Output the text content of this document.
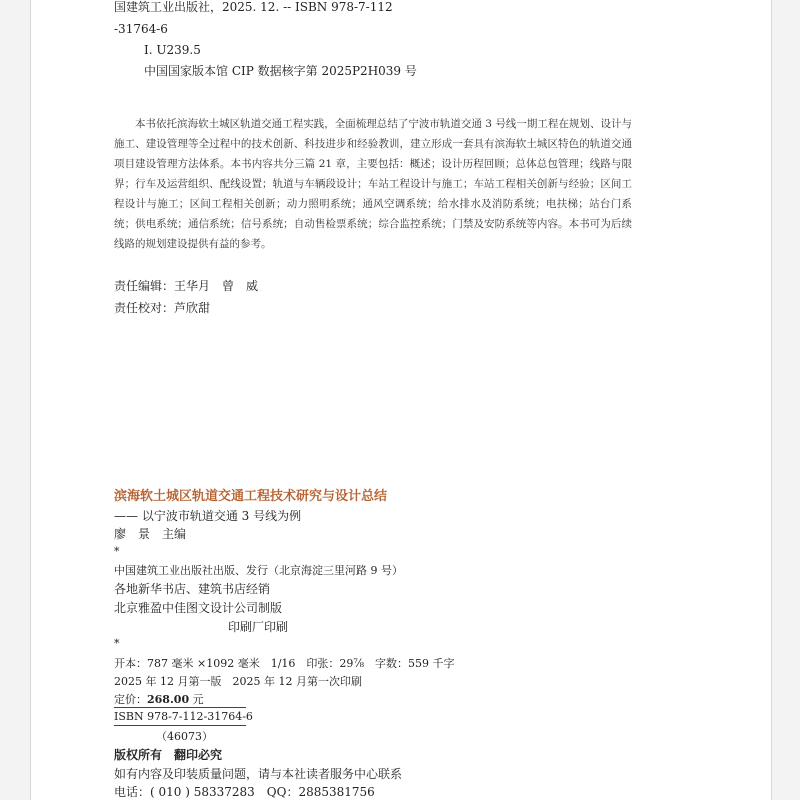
国建筑工业出版社，2025. 12. -- ISBN 978-7-112
-31764-6
Ⅰ. U239.5
中国国家版本馆 CIP 数据核字第 2025P2H039 号
本书依托滨海软土城区轨道交通工程实践，全面梳理总结了宁波市轨道交通 3 号线一期工程在规划、设计与施工、建设管理等全过程中的技术创新、科技进步和经验教训，建立形成一套具有滨海软土城区特色的轨道交通项目建设管理方法体系。本书内容共分三篇 21 章，主要包括：概述；设计历程回顾；总体总包管理；线路与限界；行车及运营组织、配线设置；轨道与车辆段设计；车站工程设计与施工；车站工程相关创新与经验；区间工程设计与施工；区间工程相关创新；动力照明系统；通风空调系统；给水排水及消防系统；电扶梯；站台门系统；供电系统；通信系统；信号系统；自动售检票系统；综合监控系统；门禁及安防系统等内容。本书可为后续线路的规划建设提供有益的参考。
责任编辑：王华月　曾　威
责任校对：芦欣甜
滨海软土城区轨道交通工程技术研究与设计总结
—— 以宁波市轨道交通 3 号线为例
廖　景　主编
*
中国建筑工业出版社出版、发行（北京海淀三里河路 9 号）
各地新华书店、建筑书店经销
北京雅盈中佳图文设计公司制版
印刷厂印刷
*
开本：787 毫米 ×1092 毫米　1/16　印张：29⅞　字数：559 千字
2025 年 12 月第一版　2025 年 12 月第一次印刷
定价：268.00 元
ISBN 978-7-112-31764-6
（46073）
版权所有　翻印必究
如有内容及印装质量问题，请与本社读者服务中心联系
电话：( 010 ) 58337283　QQ：2885381756
